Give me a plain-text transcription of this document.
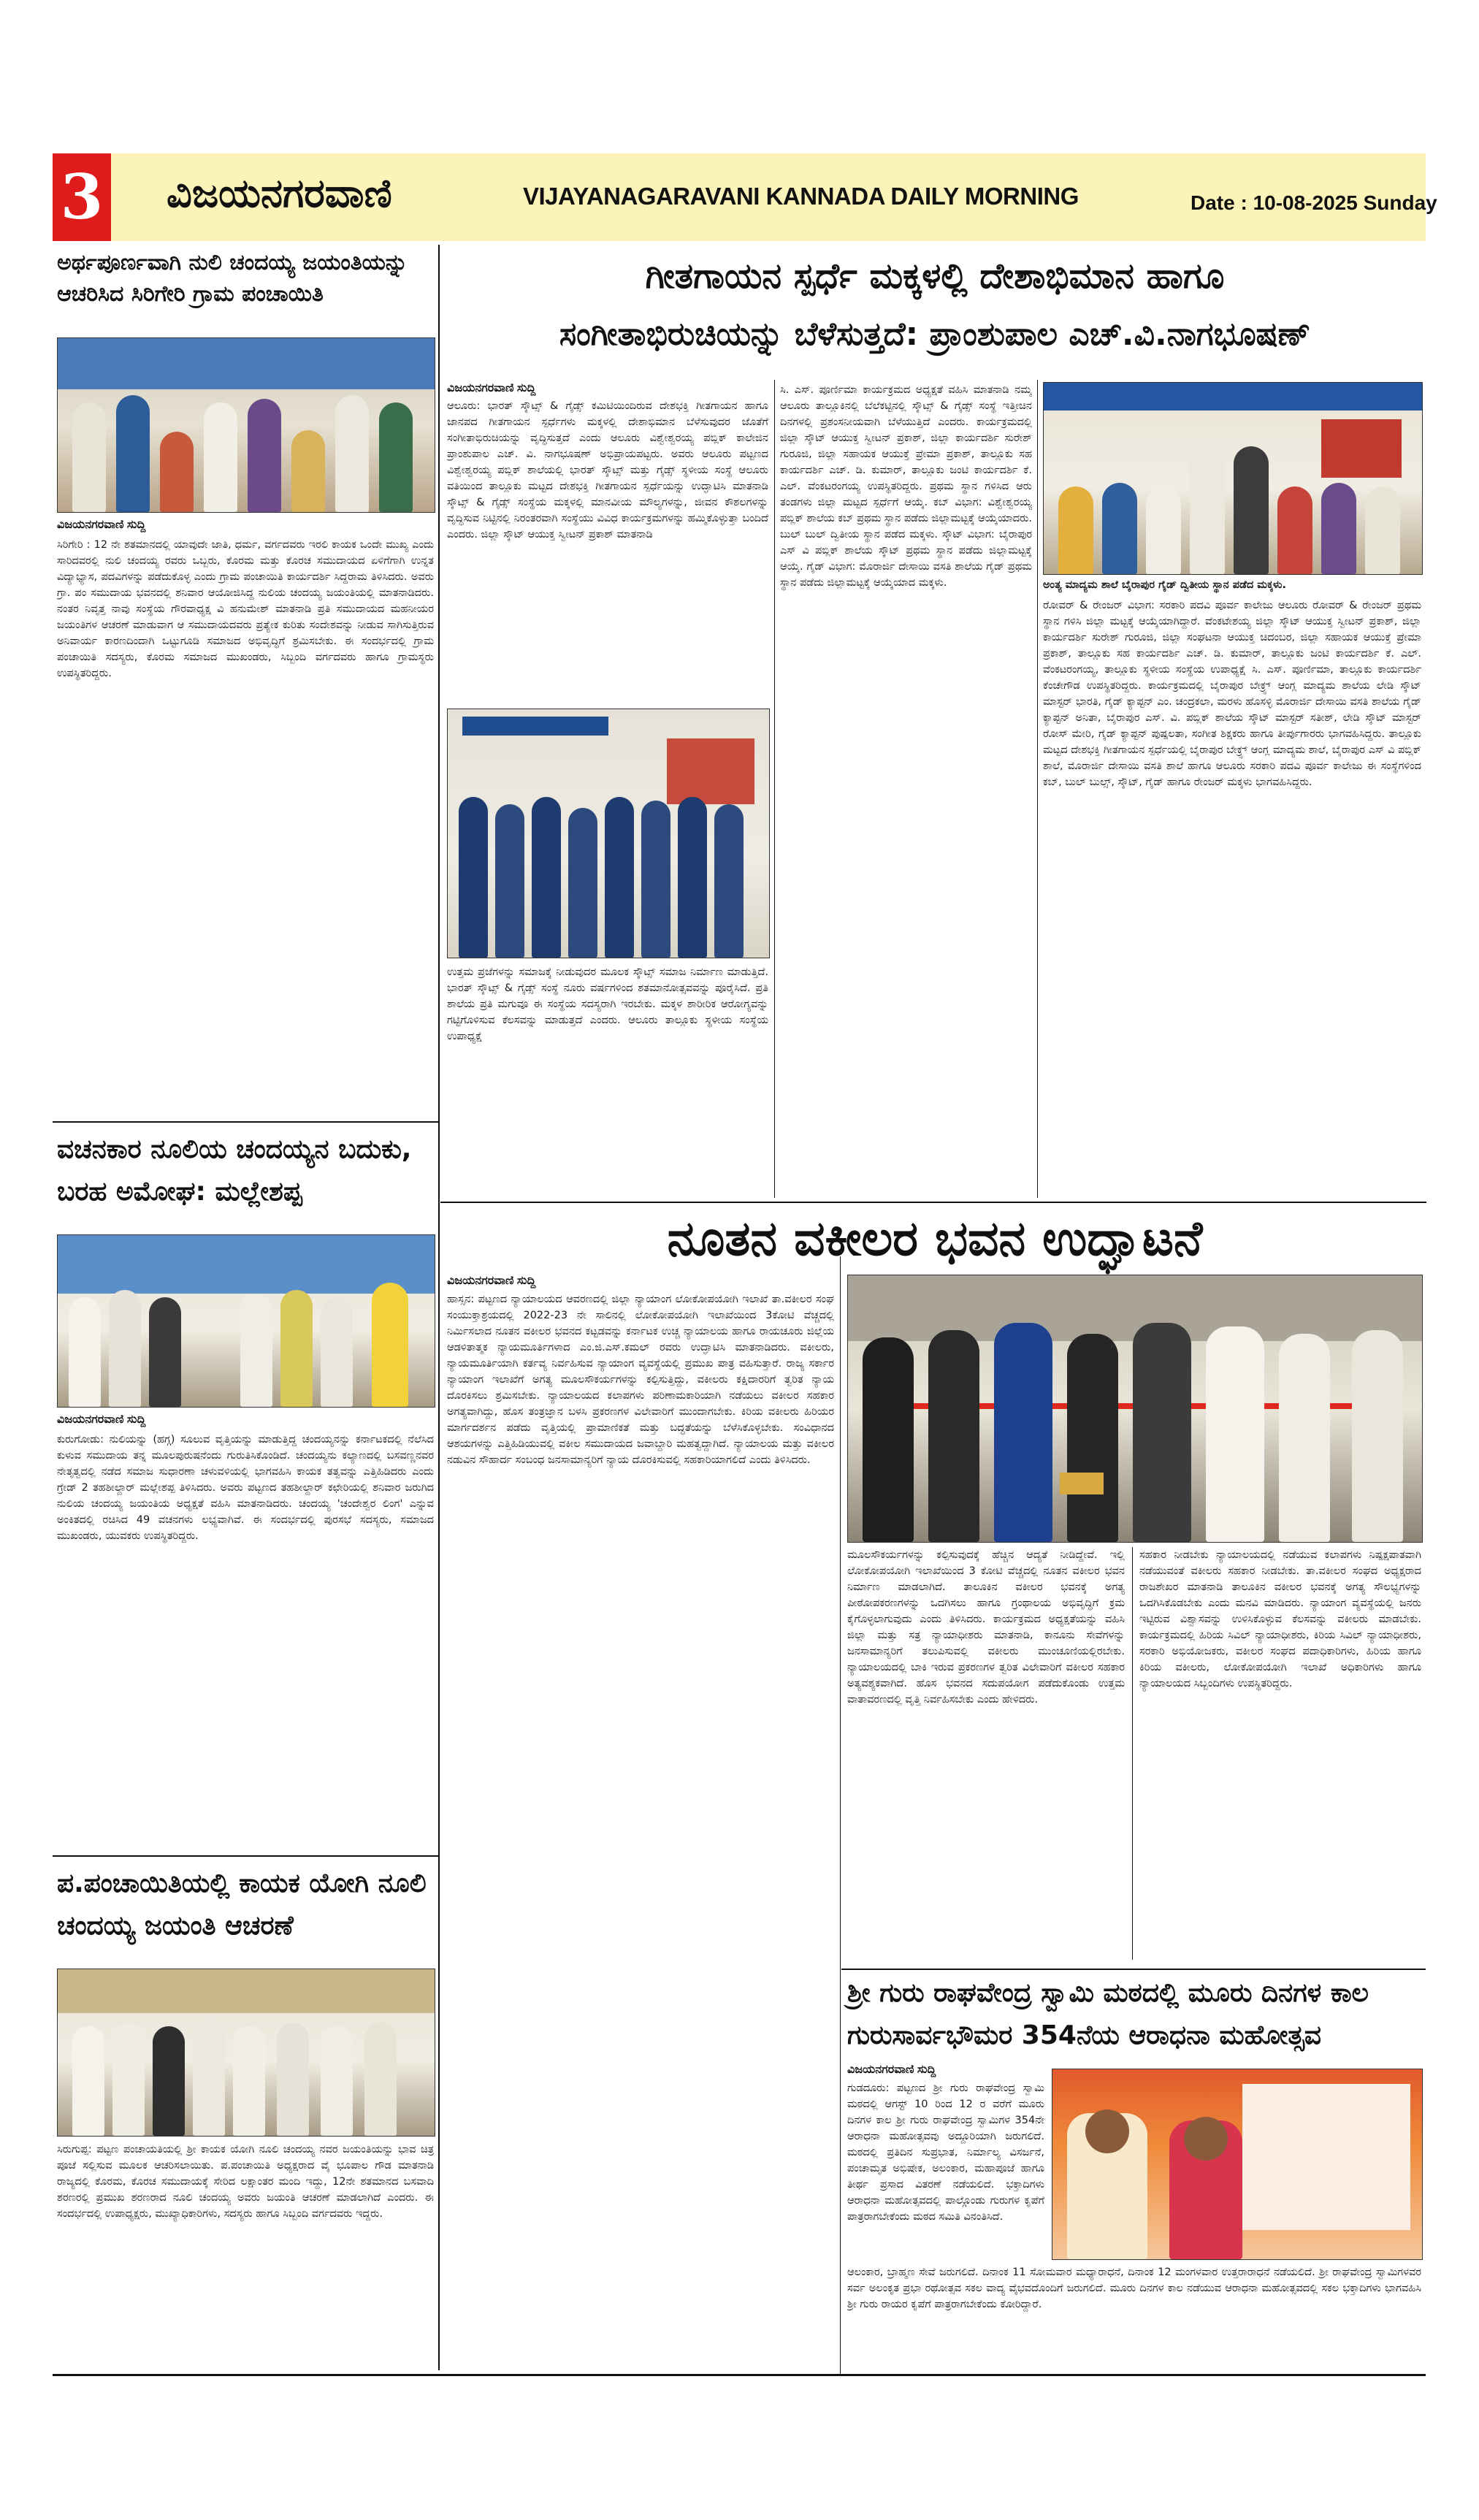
3 ವಿಜಯನಗರವಾಣಿ	VIJAYANAGARAVANI KANNADA DAILY MORNING	Date : 10-08-2025 Sunday
ಅರ್ಥಪೂರ್ಣವಾಗಿ ನುಲಿ ಚಂದಯ್ಯ ಜಯಂತಿಯನ್ನು ಆಚರಿಸಿದ ಸಿರಿಗೇರಿ ಗ್ರಾಮ ಪಂಚಾಯಿತಿ
ವಿಜಯನಗರವಾಣಿ ಸುದ್ದಿ
ಸಿರಿಗೇರಿ : 12 ನೇ ಶತಮಾನದಲ್ಲಿ ಯಾವುದೇ ಜಾತಿ, ಧರ್ಮ, ವರ್ಗದವರು ಇರಲಿ ಕಾಯಕ ಒಂದೇ ಮುಖ್ಯ ಎಂದು ಸಾರಿದವರಲ್ಲಿ ನುಲಿ ಚಂದಯ್ಯ ರವರು ಒಬ್ಬರು, ಕೊರಮ ಮತ್ತು ಕೊರಚ ಸಮುದಾಯದ ಏಳಿಗೆಗಾಗಿ ಉನ್ನತ ವಿದ್ಯಾಭ್ಯಾಸ, ಪದವಿಗಳನ್ನು ಪಡೆದುಕೊಳ್ಳ ಎಂದು ಗ್ರಾಮ ಪಂಚಾಯಿತಿ ಕಾರ್ಯದರ್ಶಿ ಸಿದ್ದರಾಮ ತಿಳಿಸಿದರು. ಅವರು ಗ್ರಾ. ಪಂ ಸಮುದಾಯ ಭವನದಲ್ಲಿ ಶನಿವಾರ ಆಯೋಜಿಸಿದ್ದ ನುಲಿಯ ಚಂದಯ್ಯ ಜಯಂತಿಯಲ್ಲಿ ಮಾತನಾಡಿದರು. ನಂತರ ನಿವೃತ್ತ ನಾವು ಸಂಸ್ಥೆಯ ಗೌರವಾಧ್ಯಕ್ಷ ವಿ ಹನುಮೇಶ್ ಮಾತನಾಡಿ ಪ್ರತಿ ಸಮುದಾಯದ ಮಹನೀಯರ ಜಯಂತಿಗಳ ಆಚರಣೆ ಮಾಡುವಾಗ ಆ ಸಮುದಾಯದವರು ಪ್ರತ್ಯೇಕ ಕುರಿತು ಸಂದೇಶವನ್ನು ನೀಡುವ ಸಾಗಿಸುತ್ತಿರುವ ಅನಿವಾರ್ಯ ಕಾರಣದಿಂದಾಗಿ ಒಟ್ಟುಗೂಡಿ ಸಮಾಜದ ಅಭಿವೃದ್ಧಿಗೆ ಶ್ರಮಿಸಬೇಕು. ಈ ಸಂದರ್ಭದಲ್ಲಿ ಗ್ರಾಮ ಪಂಚಾಯಿತಿ ಸದಸ್ಯರು, ಕೊರಮ ಸಮಾಜದ ಮುಖಂಡರು, ಸಿಬ್ಬಂದಿ ವರ್ಗದವರು ಹಾಗೂ ಗ್ರಾಮಸ್ಥರು ಉಪಸ್ಥಿತರಿದ್ದರು.
ವಚನಕಾರ ನೂಲಿಯ ಚಂದಯ್ಯನ ಬದುಕು, ಬರಹ ಅಮೋಘ: ಮಲ್ಲೇಶಪ್ಪ
ವಿಜಯನಗರವಾಣಿ ಸುದ್ದಿ
ಕುರುಗೋಡು: ನುಲಿಯನ್ನು (ಹಗ್ಗ) ಸೂಲುವ ವೃತ್ತಿಯನ್ನು ಮಾಡುತ್ತಿದ್ದ ಚಂದಯ್ಯನನ್ನು ಕರ್ನಾಟಕದಲ್ಲಿ ನೆಲೆಸಿದ ಕುಳುವ ಸಮುದಾಯ ತನ್ನ ಮೂಲಪುರುಷನೆಂದು ಗುರುತಿಸಿಕೊಂಡಿದೆ. ಚಂದಯ್ಯನು ಕಲ್ಯಾಣದಲ್ಲಿ ಬಸವಣ್ಣನವರ ನೇತೃತ್ವದಲ್ಲಿ ನಡೆದ ಸಮಾಜ ಸುಧಾರಣಾ ಚಳುವಳಿಯಲ್ಲಿ ಭಾಗವಹಿಸಿ ಕಾಯಕ ತತ್ವವನ್ನು ಎತ್ತಿಹಿಡಿದರು ಎಂದು ಗ್ರೇಡ್ 2 ತಹಶೀಲ್ದಾರ್ ಮಲ್ಲೇಶಪ್ಪ ತಿಳಿಸಿದರು. ಅವರು ಪಟ್ಟಣದ ತಹಶೀಲ್ದಾರ್ ಕಛೇರಿಯಲ್ಲಿ ಶನಿವಾರ ಜರುಗಿದ ನುಲಿಯ ಚಂದಯ್ಯ ಜಯಂತಿಯ ಅಧ್ಯಕ್ಷತೆ ವಹಿಸಿ ಮಾತನಾಡಿದರು. ಚಂದಯ್ಯ 'ಚಂದೇಶ್ವರ ಲಿಂಗ' ಎನ್ನುವ ಅಂಕಿತದಲ್ಲಿ ರಚಿಸಿದ 49 ವಚನಗಳು ಲಭ್ಯವಾಗಿವೆ. ಈ ಸಂದರ್ಭದಲ್ಲಿ ಪುರಸಭೆ ಸದಸ್ಯರು, ಸಮಾಜದ ಮುಖಂಡರು, ಯುವಕರು ಉಪಸ್ಥಿತರಿದ್ದರು.
ಪ.ಪಂಚಾಯಿತಿಯಲ್ಲಿ ಕಾಯಕ ಯೋಗಿ ನೂಲಿ ಚಂದಯ್ಯ ಜಯಂತಿ ಆಚರಣೆ
ಸಿರುಗುಪ್ಪ: ಪಟ್ಟಣ ಪಂಚಾಯತಿಯಲ್ಲಿ ಶ್ರೀ ಕಾಯಕ ಯೋಗಿ ನೂಲಿ ಚಂದಯ್ಯ ನವರ ಜಯಂತಿಯನ್ನು ಭಾವ ಚಿತ್ರ ಪೂಜೆ ಸಲ್ಲಿಸುವ ಮೂಲಕ ಆಚರಿಸಲಾಯಿತು. ಪ.ಪಂಚಾಯಿತಿ ಅಧ್ಯಕ್ಷರಾದ ವೈ ಭೂಪಾಲ ಗೌಡ ಮಾತನಾಡಿ ರಾಜ್ಯದಲ್ಲಿ ಕೊರಮ, ಕೊರಚ ಸಮುದಾಯಕ್ಕೆ ಸೇರಿದ ಲಕ್ಷಾಂತರ ಮಂದಿ ಇದ್ದು, 12ನೇ ಶತಮಾನದ ಬಸವಾದಿ ಶರಣರಲ್ಲಿ ಪ್ರಮುಖ ಶರಣರಾದ ನೂಲಿ ಚಂದಯ್ಯ ಅವರು ಜಯಂತಿ ಆಚರಣೆ ಮಾಡಲಾಗಿದೆ ಎಂದರು. ಈ ಸಂದರ್ಭದಲ್ಲಿ ಉಪಾಧ್ಯಕ್ಷರು, ಮುಖ್ಯಾಧಿಕಾರಿಗಳು, ಸದಸ್ಯರು ಹಾಗೂ ಸಿಬ್ಬಂದಿ ವರ್ಗದವರು ಇದ್ದರು.
ಗೀತಗಾಯನ ಸ್ಪರ್ಧೆ ಮಕ್ಕಳಲ್ಲಿ ದೇಶಾಭಿಮಾನ ಹಾಗೂ
ಸಂಗೀತಾಭಿರುಚಿಯನ್ನು ಬೆಳೆಸುತ್ತದೆ: ಪ್ರಾಂಶುಪಾಲ ಎಚ್.ವಿ.ನಾಗಭೂಷಣ್
ವಿಜಯನಗರವಾಣಿ ಸುದ್ದಿ
ಆಲೂರು: ಭಾರತ್ ಸ್ಕೌಟ್ಸ್ & ಗೈಡ್ಸ್ ಕಮಿಟಿಯಿಂದಿರುವ ದೇಶಭಕ್ತಿ ಗೀತಗಾಯನ ಹಾಗೂ ಜಾನಪದ ಗೀತಗಾಯನ ಸ್ಪರ್ಧೆಗಳು ಮಕ್ಕಳಲ್ಲಿ ದೇಶಾಭಿಮಾನ ಬೆಳೆಸುವುದರ ಜೊತೆಗೆ ಸಂಗೀತಾಭಿರುಚಿಯನ್ನು ವೃದ್ಧಿಸುತ್ತದೆ ಎಂದು ಆಲೂರು ವಿಶ್ವೇಶ್ವರಯ್ಯ ಪಬ್ಲಿಕ್ ಕಾಲೇಜಿನ ಪ್ರಾಂಶುಪಾಲ ಎಚ್. ವಿ. ನಾಗಭೂಷಣ್ ಅಭಿಪ್ರಾಯಪಟ್ಟರು. ಅವರು ಆಲೂರು ಪಟ್ಟಣದ ವಿಶ್ವೇಶ್ವರಯ್ಯ ಪಬ್ಲಿಕ್ ಶಾಲೆಯಲ್ಲಿ ಭಾರತ್ ಸ್ಕೌಟ್ಸ್ ಮತ್ತು ಗೈಡ್ಸ್ ಸ್ಥಳೀಯ ಸಂಸ್ಥೆ ಆಲೂರು ವತಿಯಿಂದ ತಾಲ್ಲೂಕು ಮಟ್ಟದ ದೇಶಭಕ್ತಿ ಗೀತಗಾಯನ ಸ್ಪರ್ಧೆಯನ್ನು ಉದ್ಘಾಟಿಸಿ ಮಾತನಾಡಿ ಸ್ಕೌಟ್ಸ್ & ಗೈಡ್ಸ್ ಸಂಸ್ಥೆಯ ಮಕ್ಕಳಲ್ಲಿ ಮಾನವೀಯ ಮೌಲ್ಯಗಳನ್ನು, ಜೀವನ ಕೌಶಲಗಳನ್ನು ವೃದ್ಧಿಸುವ ನಿಟ್ಟಿನಲ್ಲಿ ನಿರಂತರವಾಗಿ ಸಂಸ್ಥೆಯು ವಿವಿಧ ಕಾರ್ಯಕ್ರಮಗಳನ್ನು ಹಮ್ಮಿಕೊಳ್ಳುತ್ತಾ ಬಂದಿದೆ ಎಂದರು. ಜಿಲ್ಲಾ ಸ್ಕೌಟ್ ಆಯುಕ್ತ ಸ್ವೀಟನ್ ಪ್ರಕಾಶ್ ಮಾತನಾಡಿ
ಉತ್ತಮ ಪ್ರಜೆಗಳನ್ನು ಸಮಾಜಕ್ಕೆ ನೀಡುವುದರ ಮೂಲಕ ಸ್ಕೌಟ್ಸ್ ಸಮಾಜ ನಿರ್ಮಾಣ ಮಾಡುತ್ತಿದೆ. ಭಾರತ್ ಸ್ಕೌಟ್ಸ್ & ಗೈಡ್ಸ್ ಸಂಸ್ಥೆ ನೂರು ವರ್ಷಗಳಿಂದ ಶತಮಾನೋತ್ಸವವನ್ನು ಪೂರೈಸಿದೆ. ಪ್ರತಿ ಶಾಲೆಯ ಪ್ರತಿ ಮಗುವೂ ಈ ಸಂಸ್ಥೆಯ ಸದಸ್ಯರಾಗಿ ಇರಬೇಕು. ಮಕ್ಕಳ ಶಾರೀರಿಕ ಆರೋಗ್ಯವನ್ನು ಗಟ್ಟಿಗೊಳಿಸುವ ಕೆಲಸವನ್ನು ಮಾಡುತ್ತದೆ ಎಂದರು. ಆಲೂರು ತಾಲ್ಲೂಕು ಸ್ಥಳೀಯ ಸಂಸ್ಥೆಯ ಉಪಾಧ್ಯಕ್ಷೆ
ಸಿ. ಎಸ್. ಪೂರ್ಣಿಮಾ ಕಾರ್ಯಕ್ರಮದ ಅಧ್ಯಕ್ಷತೆ ವಹಿಸಿ ಮಾತನಾಡಿ ನಮ್ಮ ಆಲೂರು ತಾಲ್ಲೂಕಿನಲ್ಲಿ ಬೆಲೆಕಟ್ಟಿನಲ್ಲಿ ಸ್ಕೌಟ್ಸ್ & ಗೈಡ್ಸ್ ಸಂಸ್ಥೆ ಇತ್ತೀಚಿನ ದಿನಗಳಲ್ಲಿ ಪ್ರಶಂಸನೀಯವಾಗಿ ಬೆಳೆಯುತ್ತಿದೆ ಎಂದರು. ಕಾರ್ಯಕ್ರಮದಲ್ಲಿ ಜಿಲ್ಲಾ ಸ್ಕೌಟ್ ಆಯುಕ್ತ ಸ್ವೀಟನ್ ಪ್ರಕಾಶ್, ಜಿಲ್ಲಾ ಕಾರ್ಯದರ್ಶಿ ಸುರೇಶ್ ಗುರೂಜಿ, ಜಿಲ್ಲಾ ಸಹಾಯಕ ಆಯುಕ್ತೆ ಪ್ರೇಮಾ ಪ್ರಕಾಶ್, ತಾಲ್ಲೂಕು ಸಹ ಕಾರ್ಯದರ್ಶಿ ಎಚ್. ಡಿ. ಕುಮಾರ್, ತಾಲ್ಲೂಕು ಜಂಟಿ ಕಾರ್ಯದರ್ಶಿ ಕೆ. ಎಲ್. ವೆಂಕಟರಂಗಯ್ಯ ಉಪಸ್ಥಿತರಿದ್ದರು. ಪ್ರಥಮ ಸ್ಥಾನ ಗಳಿಸಿದ ಆರು ತಂಡಗಳು ಜಿಲ್ಲಾ ಮಟ್ಟದ ಸ್ಪರ್ಧೆಗೆ ಆಯ್ಕೆ. ಕಬ್ ವಿಭಾಗ: ವಿಶ್ವೇಶ್ವರಯ್ಯ ಪಬ್ಲಿಕ್ ಶಾಲೆಯ ಕಬ್ ಪ್ರಥಮ ಸ್ಥಾನ ಪಡೆದು ಜಿಲ್ಲಾಮಟ್ಟಕ್ಕೆ ಆಯ್ಕೆಯಾದರು. ಬುಲ್ ಬುಲ್ ದ್ವಿತೀಯ ಸ್ಥಾನ ಪಡೆದ ಮಕ್ಕಳು. ಸ್ಕೌಟ್ ವಿಭಾಗ: ಬೈರಾಪುರ ಎಸ್ ವಿ ಪಬ್ಲಿಕ್ ಶಾಲೆಯ ಸ್ಕೌಟ್ ಪ್ರಥಮ ಸ್ಥಾನ ಪಡೆದು ಜಿಲ್ಲಾಮಟ್ಟಕ್ಕೆ ಆಯ್ಕೆ. ಗೈಡ್ ವಿಭಾಗ: ಮೊರಾರ್ಜಿ ದೇಸಾಯಿ ವಸತಿ ಶಾಲೆಯ ಗೈಡ್ ಪ್ರಥಮ ಸ್ಥಾನ ಪಡೆದು ಜಿಲ್ಲಾಮಟ್ಟಕ್ಕೆ ಆಯ್ಕೆಯಾದ ಮಕ್ಕಳು.	ಅಂತ್ಯ ಮಾದ್ಯಮ ಶಾಲೆ ಬೈರಾಪುರ ಗೈಡ್ ದ್ವಿತೀಯ ಸ್ಥಾನ ಪಡೆದ ಮಕ್ಕಳು.
ರೋವರ್ & ರೇಂಜರ್ ವಿಭಾಗ: ಸರಕಾರಿ ಪದವಿ ಪೂರ್ವ ಕಾಲೇಜು ಆಲೂರು ರೋವರ್ & ರೇಂಜರ್ ಪ್ರಥಮ ಸ್ಥಾನ ಗಳಿಸಿ ಜಿಲ್ಲಾ ಮಟ್ಟಕ್ಕೆ ಆಯ್ಕೆಯಾಗಿದ್ದಾರೆ. ವೆಂಕಟೇಶಯ್ಯ ಜಿಲ್ಲಾ ಸ್ಕೌಟ್ ಆಯುಕ್ತ ಸ್ವೀಟನ್ ಪ್ರಕಾಶ್, ಜಿಲ್ಲಾ ಕಾರ್ಯದರ್ಶಿ ಸುರೇಶ್ ಗುರೂಜಿ, ಜಿಲ್ಲಾ ಸಂಘಟನಾ ಆಯುಕ್ತ ಚಿದಂಬರ, ಜಿಲ್ಲಾ ಸಹಾಯಕ ಆಯುಕ್ತೆ ಪ್ರೇಮಾ ಪ್ರಕಾಶ್, ತಾಲ್ಲೂಕು ಸಹ ಕಾರ್ಯದರ್ಶಿ ಎಚ್. ಡಿ. ಕುಮಾರ್, ತಾಲ್ಲೂಕು ಜಂಟಿ ಕಾರ್ಯದರ್ಶಿ ಕೆ. ಎಲ್. ವೆಂಕಟರಂಗಯ್ಯ, ತಾಲ್ಲೂಕು ಸ್ಥಳೀಯ ಸಂಸ್ಥೆಯ ಉಪಾಧ್ಯಕ್ಷೆ ಸಿ. ಎಸ್. ಪೂರ್ಣಿಮಾ, ತಾಲ್ಲೂಕು ಕಾರ್ಯದರ್ಶಿ ಕೆಂಚೇಗೌಡ ಉಪಸ್ಥಿತರಿದ್ದರು. ಕಾರ್ಯಕ್ರಮದಲ್ಲಿ ಬೈರಾಪುರ ಬೇಕ್ರ್ಸ್ ಆಂಗ್ಲ ಮಾದ್ಯಮ ಶಾಲೆಯ ಲೇಡಿ ಸ್ಕೌಟ್ ಮಾಸ್ಟರ್ ಭಾರತಿ, ಗೈಡ್ ಕ್ಯಾಪ್ಟನ್ ಎಂ. ಚಂದ್ರಕಲಾ, ಮರಳು ಹೊಸಳ್ಳಿ ಮೊರಾರ್ಜಿ ದೇಸಾಯಿ ವಸತಿ ಶಾಲೆಯ ಗೈಡ್ ಕ್ಯಾಪ್ಟನ್ ಅನಿತಾ, ಬೈರಾಪುರ ಎಸ್. ವಿ. ಪಬ್ಲಿಕ್ ಶಾಲೆಯ ಸ್ಕೌಟ್ ಮಾಸ್ಟರ್ ಸತೀಶ್, ಲೇಡಿ ಸ್ಕೌಟ್ ಮಾಸ್ಟರ್ ರೋಸ್ ಮೇರಿ, ಗೈಡ್ ಕ್ಯಾಪ್ಟನ್ ಪುಷ್ಪಲತಾ, ಸಂಗೀತ ಶಿಕ್ಷಕರು ಹಾಗೂ ತೀರ್ಪುಗಾರರು ಭಾಗವಹಿಸಿದ್ದರು. ತಾಲ್ಲೂಕು ಮಟ್ಟದ ದೇಶಭಕ್ತಿ ಗೀತಗಾಯನ ಸ್ಪರ್ಧೆಯಲ್ಲಿ ಬೈರಾಪುರ ಬೇಕ್ರ್ಸ್ ಆಂಗ್ಲ ಮಾದ್ಯಮ ಶಾಲೆ, ಬೈರಾಪುರ ಎಸ್ ವಿ ಪಬ್ಲಿಕ್ ಶಾಲೆ, ಮೊರಾರ್ಜಿ ದೇಸಾಯಿ ವಸತಿ ಶಾಲೆ ಹಾಗೂ ಆಲೂರು ಸರಕಾರಿ ಪದವಿ ಪೂರ್ವ ಕಾಲೇಜು ಈ ಸಂಸ್ಥೆಗಳಿಂದ ಕಬ್, ಬುಲ್ ಬುಲ್ಸ್, ಸ್ಕೌಟ್, ಗೈಡ್ ಹಾಗೂ ರೇಂಜರ್ ಮಕ್ಕಳು ಭಾಗವಹಿಸಿದ್ದರು.
ನೂತನ ವಕೀಲರ ಭವನ ಉದ್ಘಾಟನೆ
ವಿಜಯನಗರವಾಣಿ ಸುದ್ದಿ
ಹಾಸ್ಸನ: ಪಟ್ಟಣದ ನ್ಯಾಯಾಲಯದ ಆವರಣದಲ್ಲಿ ಜಿಲ್ಲಾ ನ್ಯಾಯಾಂಗ ಲೋಕೋಪಯೋಗಿ ಇಲಾಖೆ ತಾ.ವಕೀಲರ ಸಂಘ ಸಂಯುಕ್ತಾಶ್ರಯದಲ್ಲಿ 2022-23 ನೇ ಸಾಲಿನಲ್ಲಿ ಲೋಕೋಪಯೋಗಿ ಇಲಾಖೆಯಿಂದ 3ಕೋಟಿ ವೆಚ್ಚದಲ್ಲಿ ನಿರ್ಮಿಸಲಾದ ನೂತನ ವಕೀಲರ ಭವನದ ಕಟ್ಟಡವನ್ನು ಕರ್ನಾಟಕ ಉಚ್ಚ ನ್ಯಾಯಾಲಯ ಹಾಗೂ ರಾಯಚೂರು ಜಿಲ್ಲೆಯ ಆಡಳಿತಾತ್ಮಕ ನ್ಯಾಯಮೂರ್ತಿಗಳಾದ ಎಂ.ಜಿ.ಎಸ್.ಕಮಲ್ ರವರು ಉದ್ಘಾಟಿಸಿ ಮಾತನಾಡಿದರು. ವಕೀಲರು, ನ್ಯಾಯಮೂರ್ತಿಯಾಗಿ ಕರ್ತವ್ಯ ನಿರ್ವಹಿಸುವ ನ್ಯಾಯಾಂಗ ವ್ಯವಸ್ಥೆಯಲ್ಲಿ ಪ್ರಮುಖ ಪಾತ್ರ ವಹಿಸುತ್ತಾರೆ. ರಾಜ್ಯ ಸರ್ಕಾರ ನ್ಯಾಯಾಂಗ ಇಲಾಖೆಗೆ ಅಗತ್ಯ ಮೂಲಸೌಕರ್ಯಗಳನ್ನು ಕಲ್ಪಿಸುತ್ತಿದ್ದು, ವಕೀಲರು ಕಕ್ಷಿದಾರರಿಗೆ ತ್ವರಿತ ನ್ಯಾಯ ದೊರಕಿಸಲು ಶ್ರಮಿಸಬೇಕು. ನ್ಯಾಯಾಲಯದ ಕಲಾಪಗಳು ಪರಿಣಾಮಕಾರಿಯಾಗಿ ನಡೆಯಲು ವಕೀಲರ ಸಹಕಾರ ಅಗತ್ಯವಾಗಿದ್ದು, ಹೊಸ ತಂತ್ರಜ್ಞಾನ ಬಳಸಿ ಪ್ರಕರಣಗಳ ವಿಲೇವಾರಿಗೆ ಮುಂದಾಗಬೇಕು. ಕಿರಿಯ ವಕೀಲರು ಹಿರಿಯರ ಮಾರ್ಗದರ್ಶನ ಪಡೆದು ವೃತ್ತಿಯಲ್ಲಿ ಪ್ರಾಮಾಣಿಕತೆ ಮತ್ತು ಬದ್ಧತೆಯನ್ನು ಬೆಳೆಸಿಕೊಳ್ಳಬೇಕು. ಸಂವಿಧಾನದ ಆಶಯಗಳನ್ನು ಎತ್ತಿಹಿಡಿಯುವಲ್ಲಿ ವಕೀಲ ಸಮುದಾಯದ ಜವಾಬ್ದಾರಿ ಮಹತ್ವದ್ದಾಗಿದೆ. ನ್ಯಾಯಾಲಯ ಮತ್ತು ವಕೀಲರ ನಡುವಿನ ಸೌಹಾರ್ದ ಸಂಬಂಧ ಜನಸಾಮಾನ್ಯರಿಗೆ ನ್ಯಾಯ ದೊರಕಿಸುವಲ್ಲಿ ಸಹಕಾರಿಯಾಗಲಿದೆ ಎಂದು ತಿಳಿಸಿದರು.
ಮೂಲಸೌಕರ್ಯಗಳನ್ನು ಕಲ್ಪಿಸುವುದಕ್ಕೆ ಹೆಚ್ಚಿನ ಆದ್ಯತೆ ನೀಡಿದ್ದೇವೆ. ಇಲ್ಲಿ ಲೋಕೋಪಯೋಗಿ ಇಲಾಖೆಯಿಂದ 3 ಕೋಟಿ ವೆಚ್ಚದಲ್ಲಿ ನೂತನ ವಕೀಲರ ಭವನ ನಿರ್ಮಾಣ ಮಾಡಲಾಗಿದೆ. ತಾಲೂಕಿನ ವಕೀಲರ ಭವನಕ್ಕೆ ಅಗತ್ಯ ಪೀಠೋಪಕರಣಗಳನ್ನು ಒದಗಿಸಲು ಹಾಗೂ ಗ್ರಂಥಾಲಯ ಅಭಿವೃದ್ಧಿಗೆ ಕ್ರಮ ಕೈಗೊಳ್ಳಲಾಗುವುದು ಎಂದು ತಿಳಿಸಿದರು. ಕಾರ್ಯಕ್ರಮದ ಅಧ್ಯಕ್ಷತೆಯನ್ನು ವಹಿಸಿ ಜಿಲ್ಲಾ ಮತ್ತು ಸತ್ರ ನ್ಯಾಯಾಧೀಶರು ಮಾತನಾಡಿ, ಕಾನೂನು ಸೇವೆಗಳನ್ನು ಜನಸಾಮಾನ್ಯರಿಗೆ ತಲುಪಿಸುವಲ್ಲಿ ವಕೀಲರು ಮುಂಚೂಣಿಯಲ್ಲಿರಬೇಕು. ನ್ಯಾಯಾಲಯದಲ್ಲಿ ಬಾಕಿ ಇರುವ ಪ್ರಕರಣಗಳ ತ್ವರಿತ ವಿಲೇವಾರಿಗೆ ವಕೀಲರ ಸಹಕಾರ ಅತ್ಯವಶ್ಯಕವಾಗಿದೆ. ಹೊಸ ಭವನದ ಸದುಪಯೋಗ ಪಡೆದುಕೊಂಡು ಉತ್ತಮ ವಾತಾವರಣದಲ್ಲಿ ವೃತ್ತಿ ನಿರ್ವಹಿಸಬೇಕು ಎಂದು ಹೇಳಿದರು.
ಸಹಕಾರ ನೀಡಬೇಕು ನ್ಯಾಯಾಲಯದಲ್ಲಿ ನಡೆಯುವ ಕಲಾಪಗಳು ನಿಷ್ಪಕ್ಷಪಾತವಾಗಿ ನಡೆಯುವಂತೆ ವಕೀಲರು ಸಹಕಾರ ನೀಡಬೇಕು. ತಾ.ವಕೀಲರ ಸಂಘದ ಅಧ್ಯಕ್ಷರಾದ ರಾಜಶೇಖರ ಮಾತನಾಡಿ ತಾಲೂಕಿನ ವಕೀಲರ ಭವನಕ್ಕೆ ಅಗತ್ಯ ಸೌಲಭ್ಯಗಳನ್ನು ಒದಗಿಸಿಕೊಡಬೇಕು ಎಂದು ಮನವಿ ಮಾಡಿದರು. ನ್ಯಾಯಾಂಗ ವ್ಯವಸ್ಥೆಯಲ್ಲಿ ಜನರು ಇಟ್ಟಿರುವ ವಿಶ್ವಾಸವನ್ನು ಉಳಿಸಿಕೊಳ್ಳುವ ಕೆಲಸವನ್ನು ವಕೀಲರು ಮಾಡಬೇಕು. ಕಾರ್ಯಕ್ರಮದಲ್ಲಿ ಹಿರಿಯ ಸಿವಿಲ್ ನ್ಯಾಯಾಧೀಶರು, ಕಿರಿಯ ಸಿವಿಲ್ ನ್ಯಾಯಾಧೀಶರು, ಸರಕಾರಿ ಅಭಿಯೋಜಕರು, ವಕೀಲರ ಸಂಘದ ಪದಾಧಿಕಾರಿಗಳು, ಹಿರಿಯ ಹಾಗೂ ಕಿರಿಯ ವಕೀಲರು, ಲೋಕೋಪಯೋಗಿ ಇಲಾಖೆ ಅಧಿಕಾರಿಗಳು ಹಾಗೂ ನ್ಯಾಯಾಲಯದ ಸಿಬ್ಬಂದಿಗಳು ಉಪಸ್ಥಿತರಿದ್ದರು.
ಶ್ರೀ ಗುರು ರಾಘವೇಂದ್ರ ಸ್ವಾಮಿ ಮಠದಲ್ಲಿ ಮೂರು ದಿನಗಳ ಕಾಲ ಗುರುಸಾರ್ವಭೌಮರ 354ನೆಯ ಆರಾಧನಾ ಮಹೋತ್ಸವ
ವಿಜಯನಗರವಾಣಿ ಸುದ್ದಿ
ಗುಡದೂರು: ಪಟ್ಟಣದ ಶ್ರೀ ಗುರು ರಾಘವೇಂದ್ರ ಸ್ವಾಮಿ ಮಠದಲ್ಲಿ ಆಗಸ್ಟ್ 10 ರಿಂದ 12 ರ ವರೆಗೆ ಮೂರು ದಿನಗಳ ಕಾಲ ಶ್ರೀ ಗುರು ರಾಘವೇಂದ್ರ ಸ್ವಾಮಿಗಳ 354ನೇ ಆರಾಧನಾ ಮಹೋತ್ಸವವು ಅದ್ದೂರಿಯಾಗಿ ಜರುಗಲಿದೆ. ಮಠದಲ್ಲಿ ಪ್ರತಿದಿನ ಸುಪ್ರಭಾತ, ನಿರ್ಮಾಲ್ಯ ವಿಸರ್ಜನೆ, ಪಂಚಾಮೃತ ಅಭಿಷೇಕ, ಅಲಂಕಾರ, ಮಹಾಪೂಜೆ ಹಾಗೂ ತೀರ್ಥ ಪ್ರಸಾದ ವಿತರಣೆ ನಡೆಯಲಿದೆ. ಭಕ್ತಾದಿಗಳು ಆರಾಧನಾ ಮಹೋತ್ಸವದಲ್ಲಿ ಪಾಲ್ಗೊಂಡು ಗುರುಗಳ ಕೃಪೆಗೆ ಪಾತ್ರರಾಗಬೇಕೆಂದು ಮಠದ ಸಮಿತಿ ವಿನಂತಿಸಿದೆ.
ಆಲಂಕಾರ, ಬ್ರಾಹ್ಮಣ ಸೇವೆ ಜರುಗಲಿದೆ. ದಿನಾಂಕ 11 ಸೋಮವಾರ ಮಧ್ಯಾರಾಧನೆ, ದಿನಾಂಕ 12 ಮಂಗಳವಾರ ಉತ್ತರಾರಾಧನೆ ನಡೆಯಲಿದೆ. ಶ್ರೀ ರಾಘವೇಂದ್ರ ಸ್ವಾಮಿಗಳವರ ಸರ್ವ ಅಲಂಕೃತ ಪ್ರಭಾ ರಥೋತ್ಸವ ಸಕಲ ವಾದ್ಯ ವೈಭವದೊಂದಿಗೆ ಜರುಗಲಿದೆ. ಮೂರು ದಿನಗಳ ಕಾಲ ನಡೆಯುವ ಆರಾಧನಾ ಮಹೋತ್ಸವದಲ್ಲಿ ಸಕಲ ಭಕ್ತಾದಿಗಳು ಭಾಗವಹಿಸಿ ಶ್ರೀ ಗುರು ರಾಯರ ಕೃಪೆಗೆ ಪಾತ್ರರಾಗಬೇಕೆಂದು ಕೋರಿದ್ದಾರೆ.
